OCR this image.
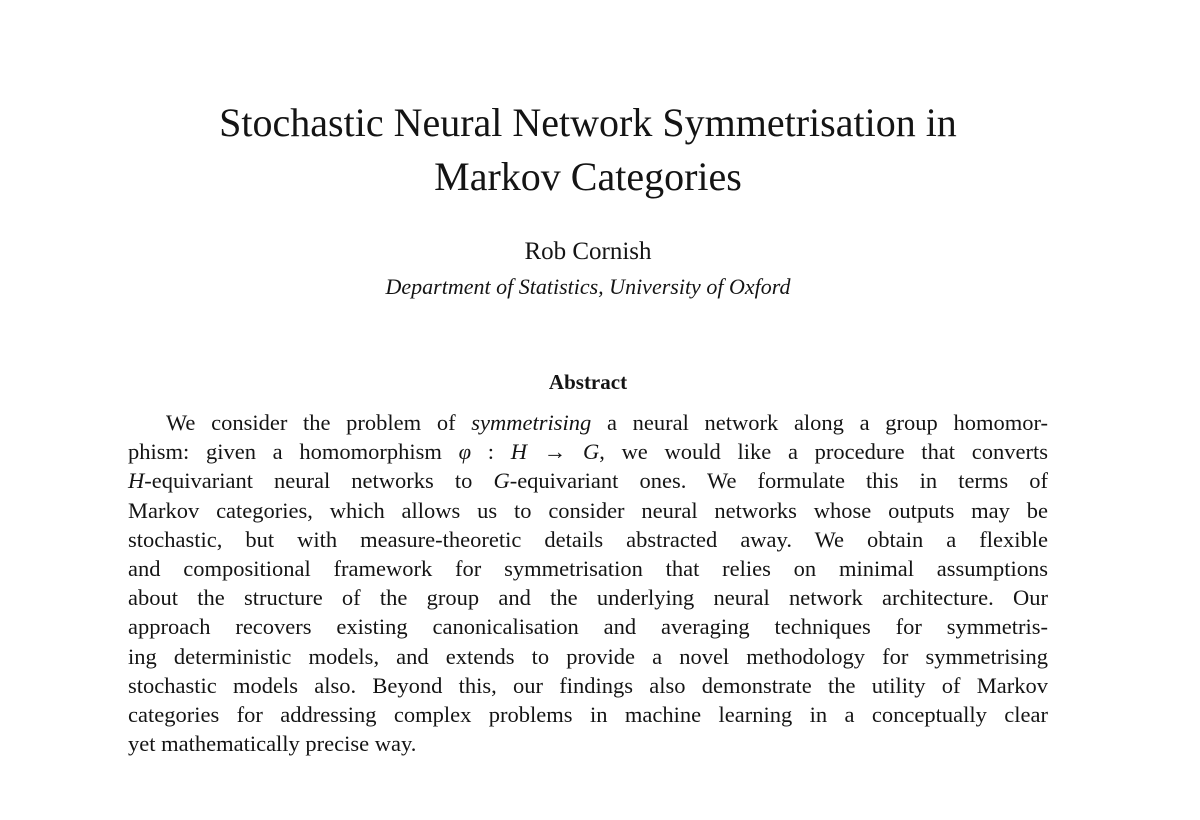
Stochastic Neural Network Symmetrisation in
Markov Categories
Rob Cornish
Department of Statistics, University of Oxford
Abstract
We consider the problem of symmetrising a neural network along a group homomor-
phism: given a homomorphism φ : H → G, we would like a procedure that converts
H-equivariant neural networks to G-equivariant ones. We formulate this in terms of
Markov categories, which allows us to consider neural networks whose outputs may be
stochastic, but with measure-theoretic details abstracted away. We obtain a flexible
and compositional framework for symmetrisation that relies on minimal assumptions
about the structure of the group and the underlying neural network architecture. Our
approach recovers existing canonicalisation and averaging techniques for symmetris-
ing deterministic models, and extends to provide a novel methodology for symmetrising
stochastic models also. Beyond this, our findings also demonstrate the utility of Markov
categories for addressing complex problems in machine learning in a conceptually clear
yet mathematically precise way.
